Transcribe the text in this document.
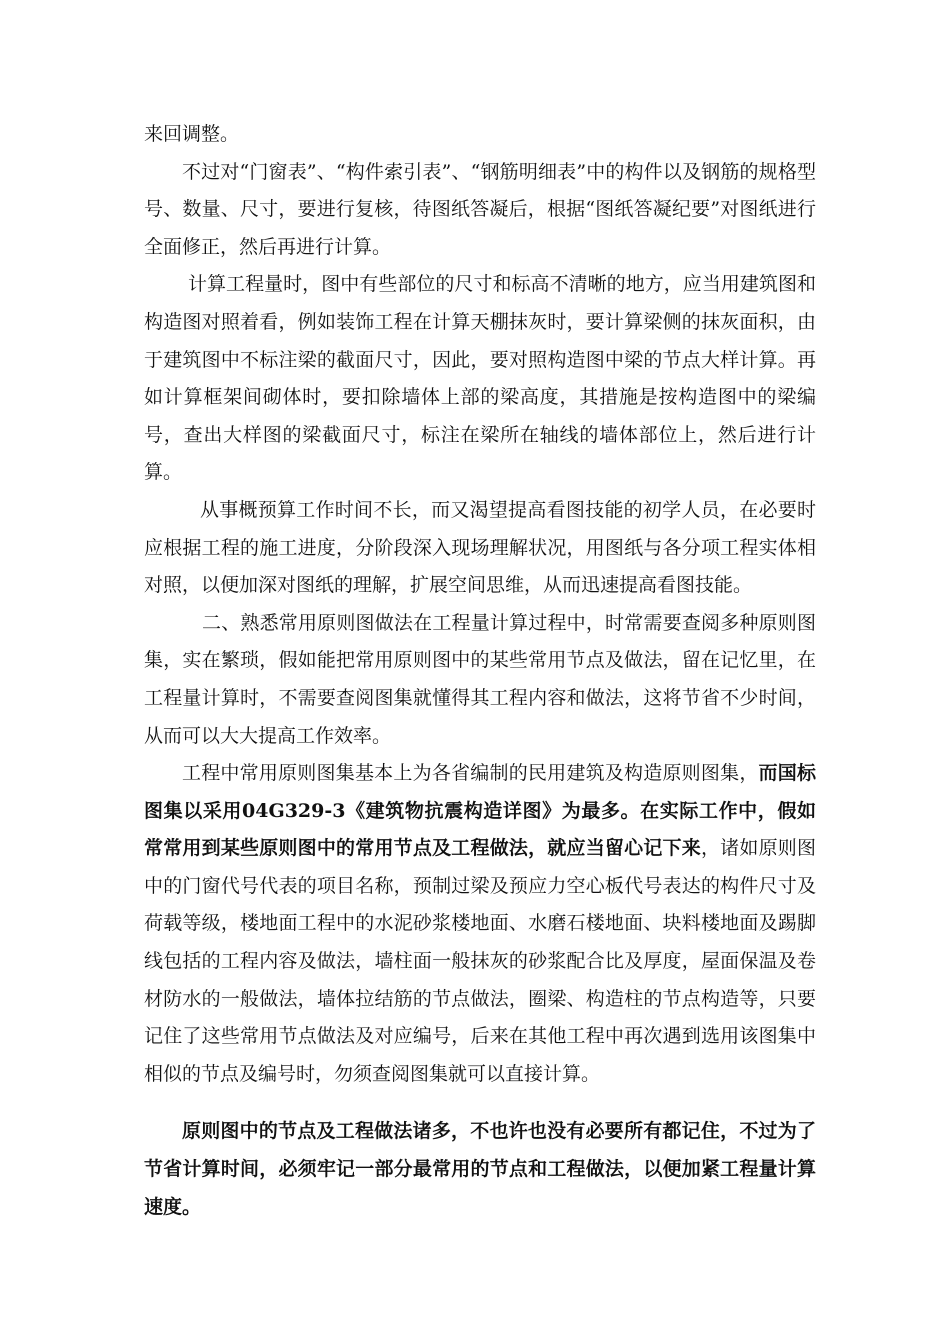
来回调整。

不过对“门窗表”、“构件索引表”、“钢筋明细表”中的构件以及钢筋的规格型号、数量、尺寸，要进行复核，待图纸答凝后，根据“图纸答凝纪要”对图纸进行全面修正，然后再进行计算。

计算工程量时，图中有些部位的尺寸和标高不清晰的地方，应当用建筑图和构造图对照着看，例如装饰工程在计算天棚抹灰时，要计算梁侧的抹灰面积，由于建筑图中不标注梁的截面尺寸，因此，要对照构造图中梁的节点大样计算。再如计算框架间砌体时，要扣除墙体上部的梁高度，其措施是按构造图中的梁编号，查出大样图的梁截面尺寸，标注在梁所在轴线的墙体部位上，然后进行计算。

从事概预算工作时间不长，而又渴望提高看图技能的初学人员，在必要时应根据工程的施工进度，分阶段深入现场理解状况，用图纸与各分项工程实体相对照，以便加深对图纸的理解，扩展空间思维，从而迅速提高看图技能。

二、熟悉常用原则图做法在工程量计算过程中，时常需要查阅多种原则图集，实在繁琐，假如能把常用原则图中的某些常用节点及做法，留在记忆里，在工程量计算时，不需要查阅图集就懂得其工程内容和做法，这将节省不少时间，从而可以大大提高工作效率。

工程中常用原则图集基本上为各省编制的民用建筑及构造原则图集，而国标图集以采用04G329-3《建筑物抗震构造详图》为最多。在实际工作中，假如常常用到某些原则图中的常用节点及工程做法，就应当留心记下来，诸如原则图中的门窗代号代表的项目名称，预制过梁及预应力空心板代号表达的构件尺寸及荷载等级，楼地面工程中的水泥砂浆楼地面、水磨石楼地面、块料楼地面及踢脚线包括的工程内容及做法，墙柱面一般抹灰的砂浆配合比及厚度，屋面保温及卷材防水的一般做法，墙体拉结筋的节点做法，圈梁、构造柱的节点构造等，只要记住了这些常用节点做法及对应编号，后来在其他工程中再次遇到选用该图集中相似的节点及编号时，勿须查阅图集就可以直接计算。

原则图中的节点及工程做法诸多，不也许也没有必要所有都记住，不过为了节省计算时间，必须牢记一部分最常用的节点和工程做法，以便加紧工程量计算速度。
